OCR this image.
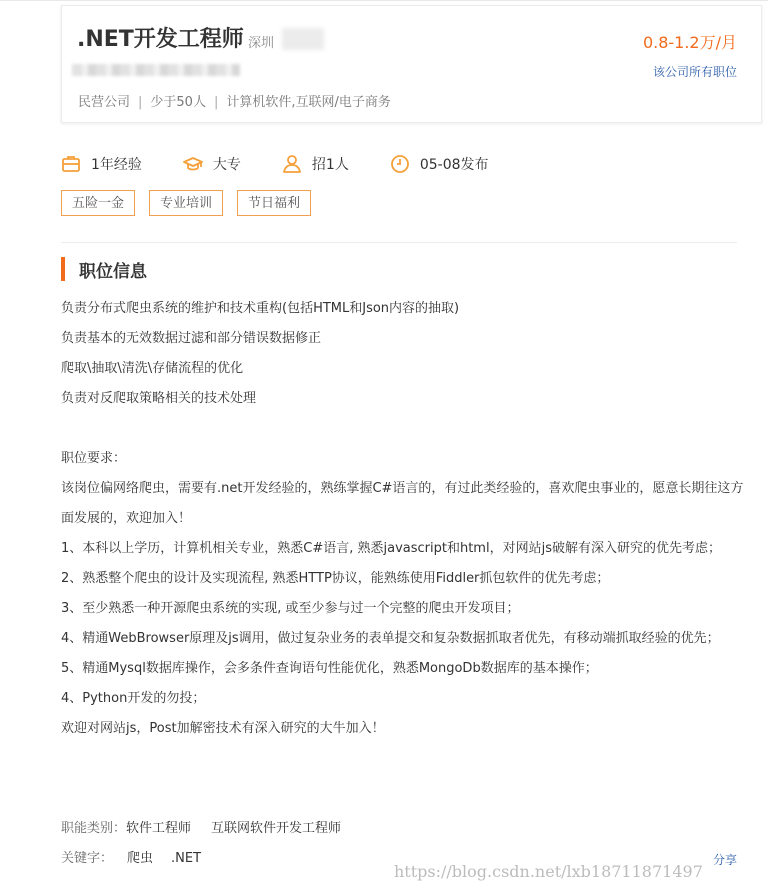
.NET开发工程师 深圳	0.8-1.2万/月
该公司所有职位
民营公司 | 少于50人 | 计算机软件,互联网/电子商务
1年经验	大专	招1人	05-08发布
五险一金	专业培训	节日福利
职位信息

负责分布式爬虫系统的维护和技术重构(包括HTML和Json内容的抽取)

负责基本的无效数据过滤和部分错误数据修正

爬取\抽取\清洗\存储流程的优化

负责对反爬取策略相关的技术处理

职位要求：

该岗位偏网络爬虫，需要有.net开发经验的，熟练掌握C#语言的，有过此类经验的，喜欢爬虫事业的，愿意长期往这方面发展的，欢迎加入！

1、本科以上学历，计算机相关专业，熟悉C#语言, 熟悉javascript和html，对网站js破解有深入研究的优先考虑；

2、熟悉整个爬虫的设计及实现流程, 熟悉HTTP协议，能熟练使用Fiddler抓包软件的优先考虑；

3、至少熟悉一种开源爬虫系统的实现, 或至少参与过一个完整的爬虫开发项目；

4、精通WebBrowser原理及js调用，做过复杂业务的表单提交和复杂数据抓取者优先，有移动端抓取经验的优先；

5、精通Mysql数据库操作，会多条件查询语句性能优化，熟悉MongoDb数据库的基本操作；

4、Python开发的勿投；

欢迎对网站js，Post加解密技术有深入研究的大牛加入！

职能类别：软件工程师 互联网软件开发工程师
关键字： 爬虫 .NET	分享
https://blog.csdn.net/lxb18711871497
